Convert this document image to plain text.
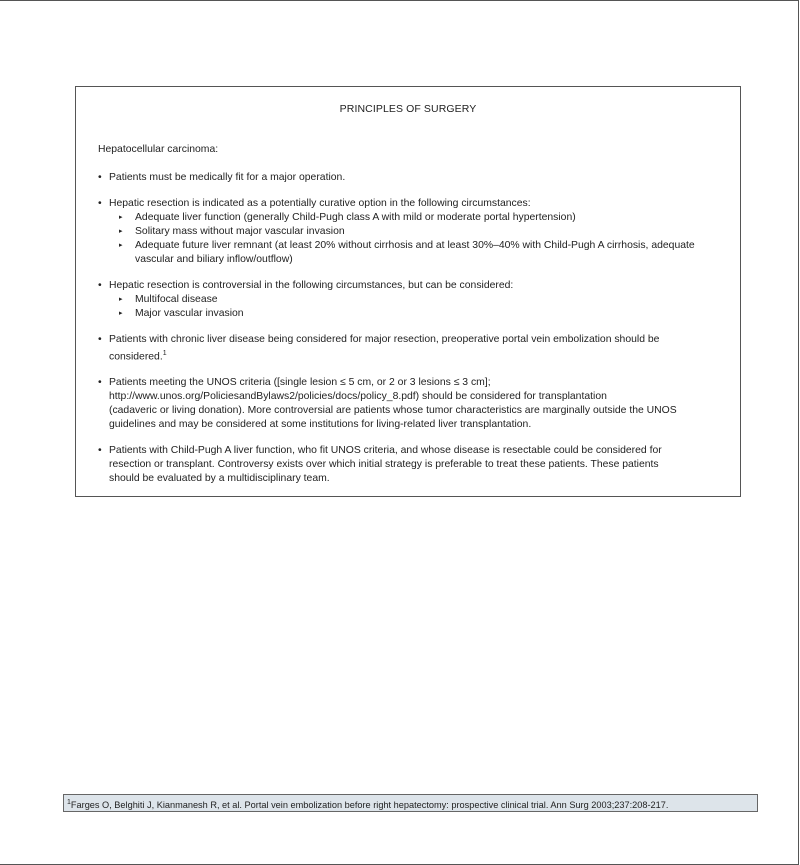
PRINCIPLES OF SURGERY

Hepatocellular carcinoma:

• Patients must be medically fit for a major operation.
• Hepatic resection is indicated as a potentially curative option in the following circumstances:
▸ Adequate liver function (generally Child-Pugh class A with mild or moderate portal hypertension)
▸ Solitary mass without major vascular invasion
▸ Adequate future liver remnant (at least 20% without cirrhosis and at least 30%–40% with Child-Pugh A cirrhosis, adequate
vascular and biliary inflow/outflow)
• Hepatic resection is controversial in the following circumstances, but can be considered:
▸ Multifocal disease
▸ Major vascular invasion
• Patients with chronic liver disease being considered for major resection, preoperative portal vein embolization should be
considered.$^1$
• Patients meeting the UNOS criteria ([single lesion ≤ 5 cm, or 2 or 3 lesions ≤ 3 cm];
http://www.unos.org/PoliciesandBylaws2/policies/docs/policy_8.pdf) should be considered for transplantation
(cadaveric or living donation). More controversial are patients whose tumor characteristics are marginally outside the UNOS
guidelines and may be considered at some institutions for living-related liver transplantation.
• Patients with Child-Pugh A liver function, who fit UNOS criteria, and whose disease is resectable could be considered for
resection or transplant. Controversy exists over which initial strategy is preferable to treat these patients. These patients
should be evaluated by a multidisciplinary team.
$^1$Farges O, Belghiti J, Kianmanesh R, et al. Portal vein embolization before right hepatectomy: prospective clinical trial. Ann Surg 2003;237:208-217.
